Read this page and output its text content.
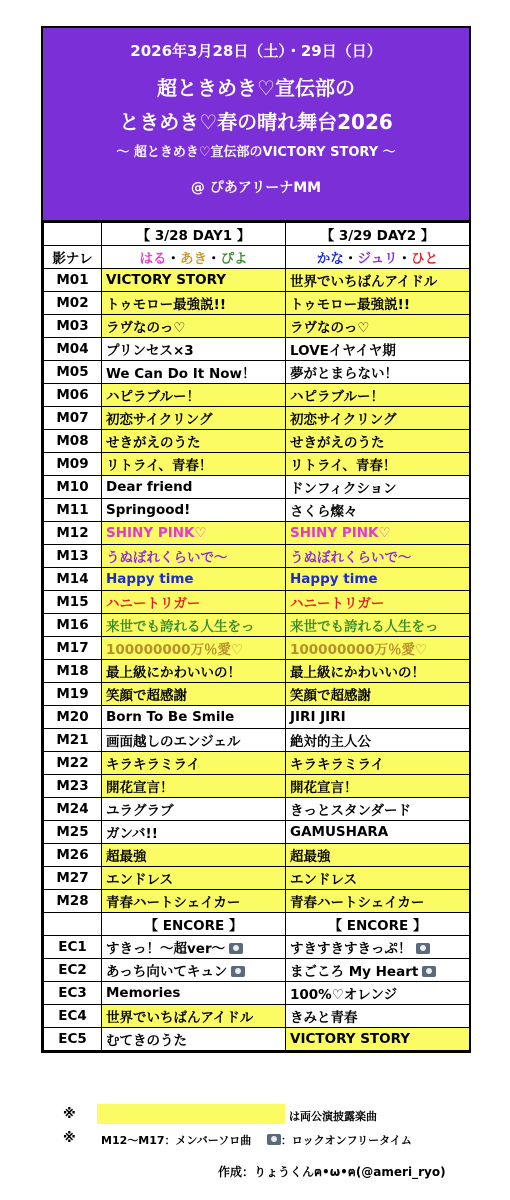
2026年3月28日（土）・29日（日）
超ときめき♡宣伝部の
ときめき♡春の晴れ舞台2026
〜 超ときめき♡宣伝部のVICTORY STORY 〜
@ ぴあアリーナMM
	【 3/28 DAY1 】	【 3/29 DAY2 】
影ナレ	はる・あき・ぴよ	かな・ジュリ・ひと
M01	VICTORY STORY	世界でいちばんアイドル
M02	トゥモロー最強説!!	トゥモロー最強説!!
M03	ラヴなのっ♡	ラヴなのっ♡
M04	プリンセス×3	LOVEイヤイヤ期
M05	We Can Do It Now！	夢がとまらない！
M06	ハピラブルー！	ハピラブルー！
M07	初恋サイクリング	初恋サイクリング
M08	せきがえのうた	せきがえのうた
M09	リトライ、青春！	リトライ、青春！
M10	Dear friend	ドンフィクション
M11	Springood!	さくら燦々
M12	SHINY PINK♡	SHINY PINK♡
M13	うぬぼれくらいで〜	うぬぼれくらいで〜
M14	Happy time	Happy time
M15	ハニートリガー	ハニートリガー
M16	来世でも誇れる人生をっ	来世でも誇れる人生をっ
M17	100000000万％愛♡	100000000万％愛♡
M18	最上級にかわいいの！	最上級にかわいいの！
M19	笑顔で超感謝	笑顔で超感謝
M20	Born To Be Smile	JIRI JIRI
M21	画面越しのエンジェル	絶対的主人公
M22	キラキラミライ	キラキラミライ
M23	開花宣言！	開花宣言！
M24	ユラグラブ	きっとスタンダード
M25	ガンバ!!	GAMUSHARA
M26	超最強	超最強
M27	エンドレス	エンドレス
M28	青春ハートシェイカー	青春ハートシェイカー
	【 ENCORE 】	【 ENCORE 】
EC1	すきっ！〜超ver〜	すきすきすきっぷ！
EC2	あっち向いてキュン	まごころ My Heart
EC3	Memories	100%♡オレンジ
EC4	世界でいちばんアイドル	きみと青春
EC5	むてきのうた	VICTORY STORY
※	は両公演披露楽曲
※ M12〜M17：メンバーソロ曲	：ロックオンフリータイム
作成：りょうくんฅ•ω•ฅ(@ameri_ryo)
